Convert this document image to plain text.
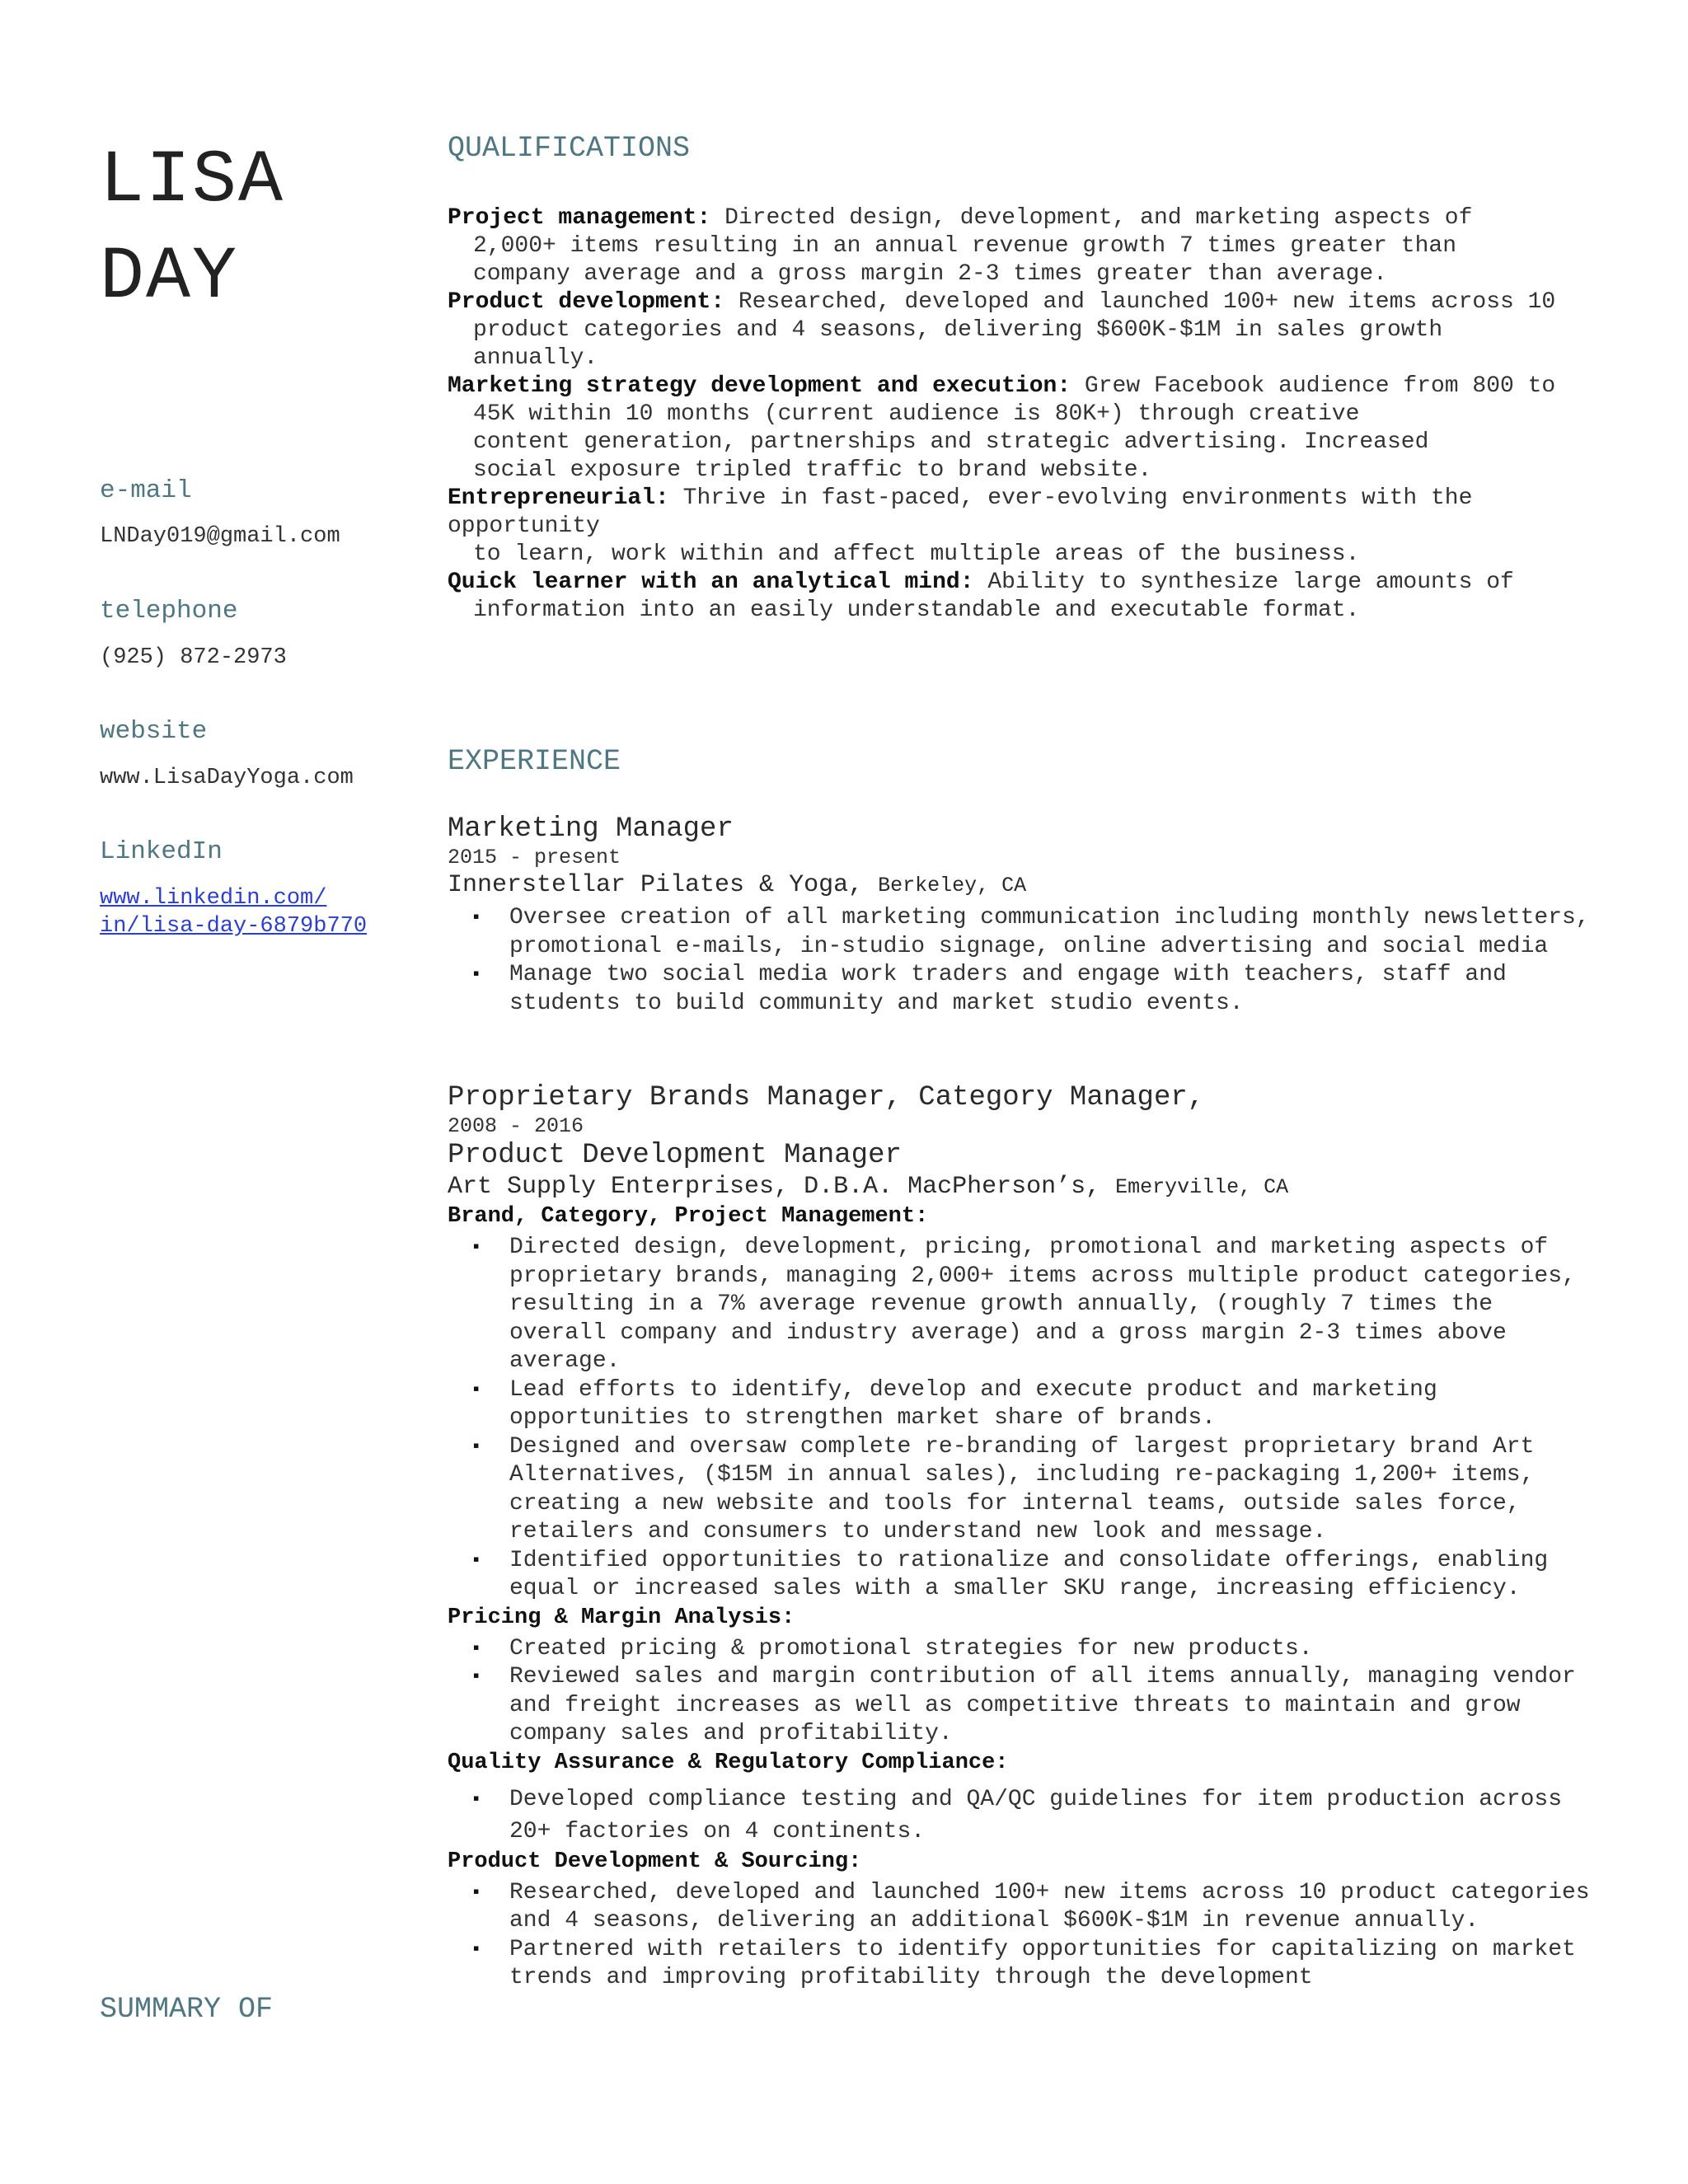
LISA
DAY
e-mail
LNDay019@gmail.com
telephone
(925) 872-2973
website
www.LisaDayYoga.com
LinkedIn
www.linkedin.com/
in/lisa-day-6879b770
SUMMARY OF
QUALIFICATIONS
Project management: Directed design, development, and marketing aspects of
2,000+ items resulting in an annual revenue growth 7 times greater than
company average and a gross margin 2-3 times greater than average.
Product development: Researched, developed and launched 100+ new items across 10
product categories and 4 seasons, delivering $600K-$1M in sales growth
annually.
Marketing strategy development and execution: Grew Facebook audience from 800 to
45K within 10 months (current audience is 80K+) through creative
content generation, partnerships and strategic advertising. Increased
social exposure tripled traffic to brand website.
Entrepreneurial: Thrive in fast-paced, ever-evolving environments with the opportunity
to learn, work within and affect multiple areas of the business.
Quick learner with an analytical mind: Ability to synthesize large amounts of
information into an easily understandable and executable format.
EXPERIENCE
Marketing Manager
2015 - present
Innerstellar Pilates & Yoga, Berkeley, CA
▪ Oversee creation of all marketing communication including monthly newsletters, promotional e-mails, in-studio signage, online advertising and social media
▪ Manage two social media work traders and engage with teachers, staff and students to build community and market studio events.
Proprietary Brands Manager, Category Manager,
2008 - 2016
Product Development Manager
Art Supply Enterprises, D.B.A. MacPherson’s, Emeryville, CA
Brand, Category, Project Management:
▪ Directed design, development, pricing, promotional and marketing aspects of proprietary brands, managing 2,000+ items across multiple product categories, resulting in a 7% average revenue growth annually, (roughly 7 times the overall company and industry average) and a gross margin 2-3 times above average.
▪ Lead efforts to identify, develop and execute product and marketing opportunities to strengthen market share of brands.
▪ Designed and oversaw complete re-branding of largest proprietary brand Art Alternatives, ($15M in annual sales), including re-packaging 1,200+ items, creating a new website and tools for internal teams, outside sales force, retailers and consumers to understand new look and message.
▪ Identified opportunities to rationalize and consolidate offerings, enabling equal or increased sales with a smaller SKU range, increasing efficiency.
Pricing & Margin Analysis:
▪ Created pricing & promotional strategies for new products.
▪ Reviewed sales and margin contribution of all items annually, managing vendor and freight increases as well as competitive threats to maintain and grow company sales and profitability.
Quality Assurance & Regulatory Compliance:
▪ Developed compliance testing and QA/QC guidelines for item production across 20+ factories on 4 continents.
Product Development & Sourcing:
▪ Researched, developed and launched 100+ new items across 10 product categories and 4 seasons, delivering an additional $600K-$1M in revenue annually.
▪ Partnered with retailers to identify opportunities for capitalizing on market trends and improving profitability through the development
